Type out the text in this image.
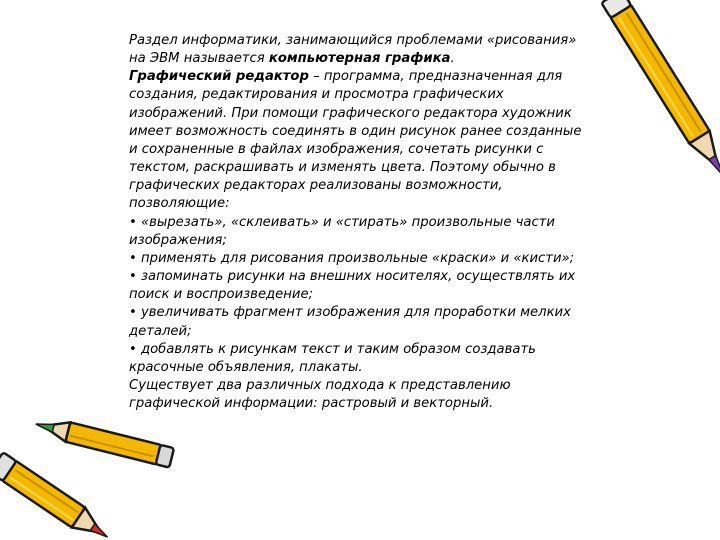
Раздел информатики, занимающийся проблемами «рисования»
на ЭВМ называется компьютерная графика.
Графический редактор – программа, предназначенная для
создания, редактирования и просмотра графических
изображений. При помощи графического редактора художник
имеет возможность соединять в один рисунок ранее созданные
и сохраненные в файлах изображения, сочетать рисунки с
текстом, раскрашивать и изменять цвета. Поэтому обычно в
графических редакторах реализованы возможности,
позволяющие:
• «вырезать», «склеивать» и «стирать» произвольные части
изображения;
• применять для рисования произвольные «краски» и «кисти»;
• запоминать рисунки на внешних носителях, осуществлять их
поиск и воспроизведение;
• увеличивать фрагмент изображения для проработки мелких
деталей;
• добавлять к рисункам текст и таким образом создавать
красочные объявления, плакаты.
Существует два различных подхода к представлению
графической информации: растровый и векторный.
